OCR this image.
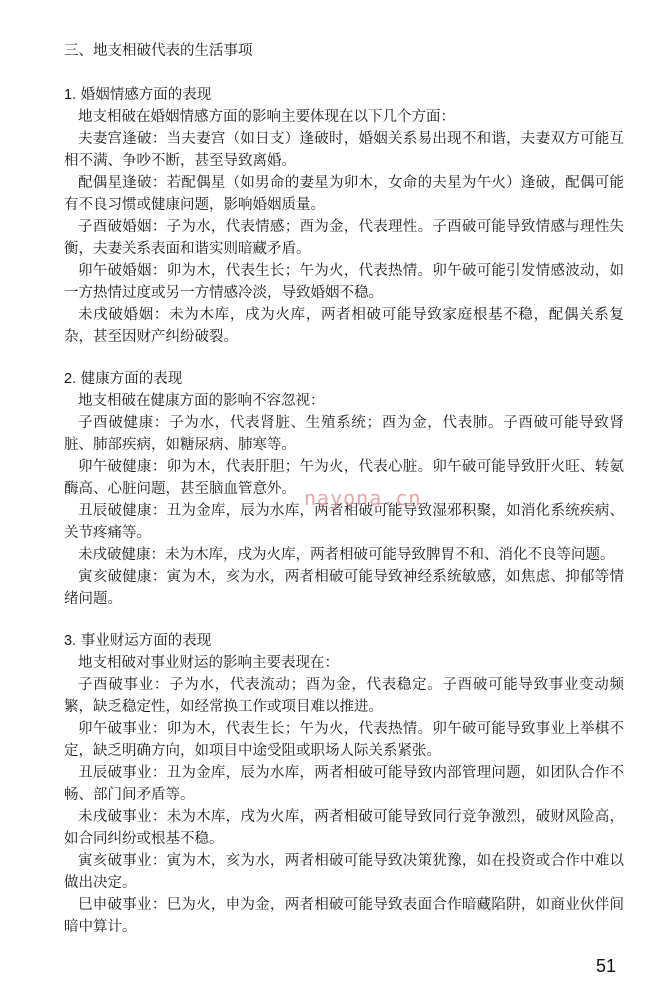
三、地支相破代表的生活事项

1. 婚姻情感方面的表现

地支相破在婚姻情感方面的影响主要体现在以下几个方面：

夫妻宫逢破：当夫妻宫（如日支）逢破时，婚姻关系易出现不和谐，夫妻双方可能互相不满、争吵不断，甚至导致离婚。

配偶星逢破：若配偶星（如男命的妻星为卯木，女命的夫星为午火）逢破，配偶可能有不良习惯或健康问题，影响婚姻质量。

子酉破婚姻：子为水，代表情感；酉为金，代表理性。子酉破可能导致情感与理性失衡，夫妻关系表面和谐实则暗藏矛盾。

卯午破婚姻：卯为木，代表生长；午为火，代表热情。卯午破可能引发情感波动，如一方热情过度或另一方情感冷淡，导致婚姻不稳。

未戌破婚姻：未为木库，戌为火库，两者相破可能导致家庭根基不稳，配偶关系复杂，甚至因财产纠纷破裂。

2. 健康方面的表现

地支相破在健康方面的影响不容忽视：

子酉破健康：子为水，代表肾脏、生殖系统；酉为金，代表肺。子酉破可能导致肾脏、肺部疾病，如糖尿病、肺寒等。

卯午破健康：卯为木，代表肝胆；午为火，代表心脏。卯午破可能导致肝火旺、转氨酶高、心脏问题，甚至脑血管意外。

丑辰破健康：丑为金库，辰为水库，两者相破可能导致湿邪积聚，如消化系统疾病、关节疼痛等。

未戌破健康：未为木库，戌为火库，两者相破可能导致脾胃不和、消化不良等问题。

寅亥破健康：寅为木，亥为水，两者相破可能导致神经系统敏感，如焦虑、抑郁等情绪问题。

3. 事业财运方面的表现

地支相破对事业财运的影响主要表现在：

子酉破事业：子为水，代表流动；酉为金，代表稳定。子酉破可能导致事业变动频繁，缺乏稳定性，如经常换工作或项目难以推进。

卯午破事业：卯为木，代表生长；午为火，代表热情。卯午破可能导致事业上举棋不定，缺乏明确方向，如项目中途受阻或职场人际关系紧张。

丑辰破事业：丑为金库，辰为水库，两者相破可能导致内部管理问题，如团队合作不畅、部门间矛盾等。

未戌破事业：未为木库，戌为火库，两者相破可能导致同行竞争激烈，破财风险高，如合同纠纷或根基不稳。

寅亥破事业：寅为木，亥为水，两者相破可能导致决策犹豫，如在投资或合作中难以做出决定。

巳申破事业：巳为火，申为金，两者相破可能导致表面合作暗藏陷阱，如商业伙伴间暗中算计。

nayona.cn
51
